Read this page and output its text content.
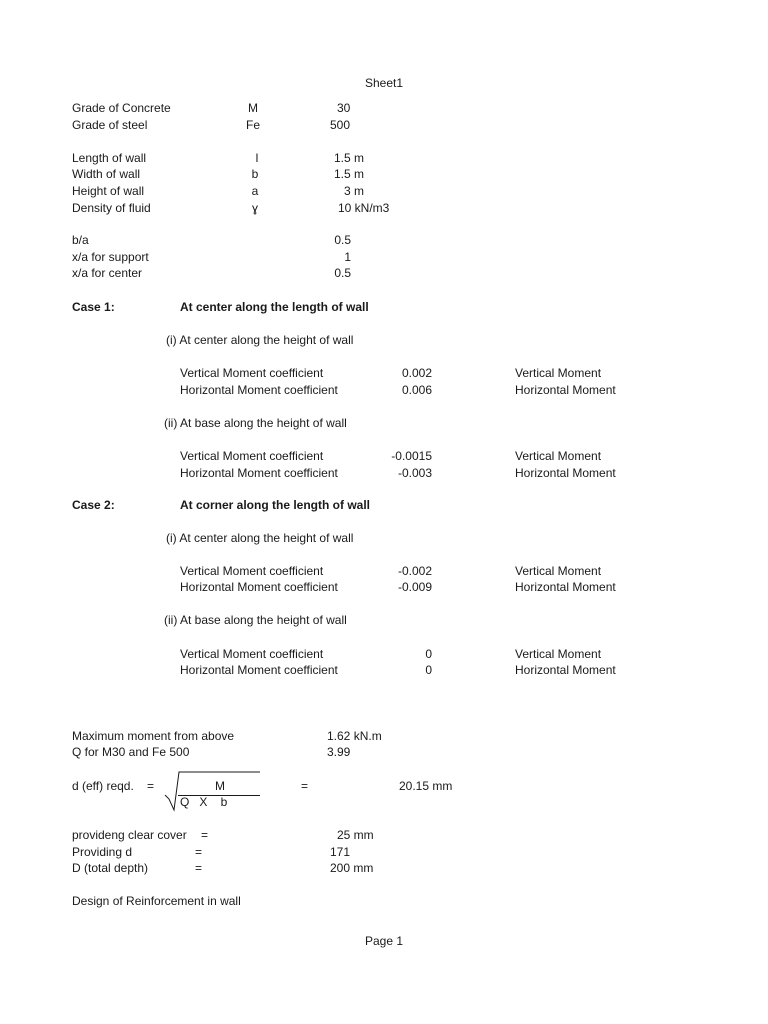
Sheet1
Grade of Concrete	M	30
Grade of steel	Fe	500
Length of wall	l	1.5 m
Width of wall	b	1.5 m
Height of wall	a	3 m
Density of fluid	ɣ	10 kN/m3
b/a	0.5
x/a for support	1
x/a for center	0.5
Case 1:	At center along the length of wall
(i) At center along the height of wall
Vertical Moment coefficient	0.002	Vertical Moment
Horizontal Moment coefficient	0.006	Horizontal Moment
(ii) At base along the height of wall
Vertical Moment coefficient	-0.0015	Vertical Moment
Horizontal Moment coefficient	-0.003	Horizontal Moment
Case 2:	At corner along the length of wall
(i) At center along the height of wall
Vertical Moment coefficient	-0.002	Vertical Moment
Horizontal Moment coefficient	-0.009	Horizontal Moment
(ii) At base along the height of wall
Vertical Moment coefficient	0	Vertical Moment
Horizontal Moment coefficient	0	Horizontal Moment
Maximum moment from above	1.62 kN.m
Q for M30 and Fe 500	3.99
d (eff) reqd. =	M
Q   X    b
=	20.15 mm
provideng clear cover =	25 mm
Providing d	=	171
D (total depth)	=	200 mm
Design of Reinforcement in wall
Page 1
